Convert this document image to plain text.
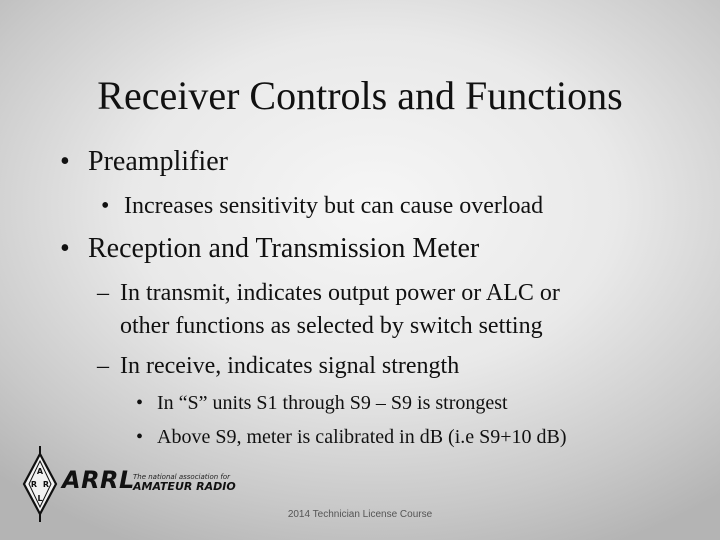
Receiver Controls and Functions
• Preamplifier
• Increases sensitivity but can cause overload
• Reception and Transmission Meter
– In transmit, indicates output power or ALC or
other functions as selected by switch setting
– In receive, indicates signal strength
• In “S” units S1 through S9 – S9 is strongest
• Above S9, meter is calibrated in dB (i.e S9+10 dB)
A
R R
L
ARRL
The national association for
AMATEUR RADIO
2014 Technician License Course
